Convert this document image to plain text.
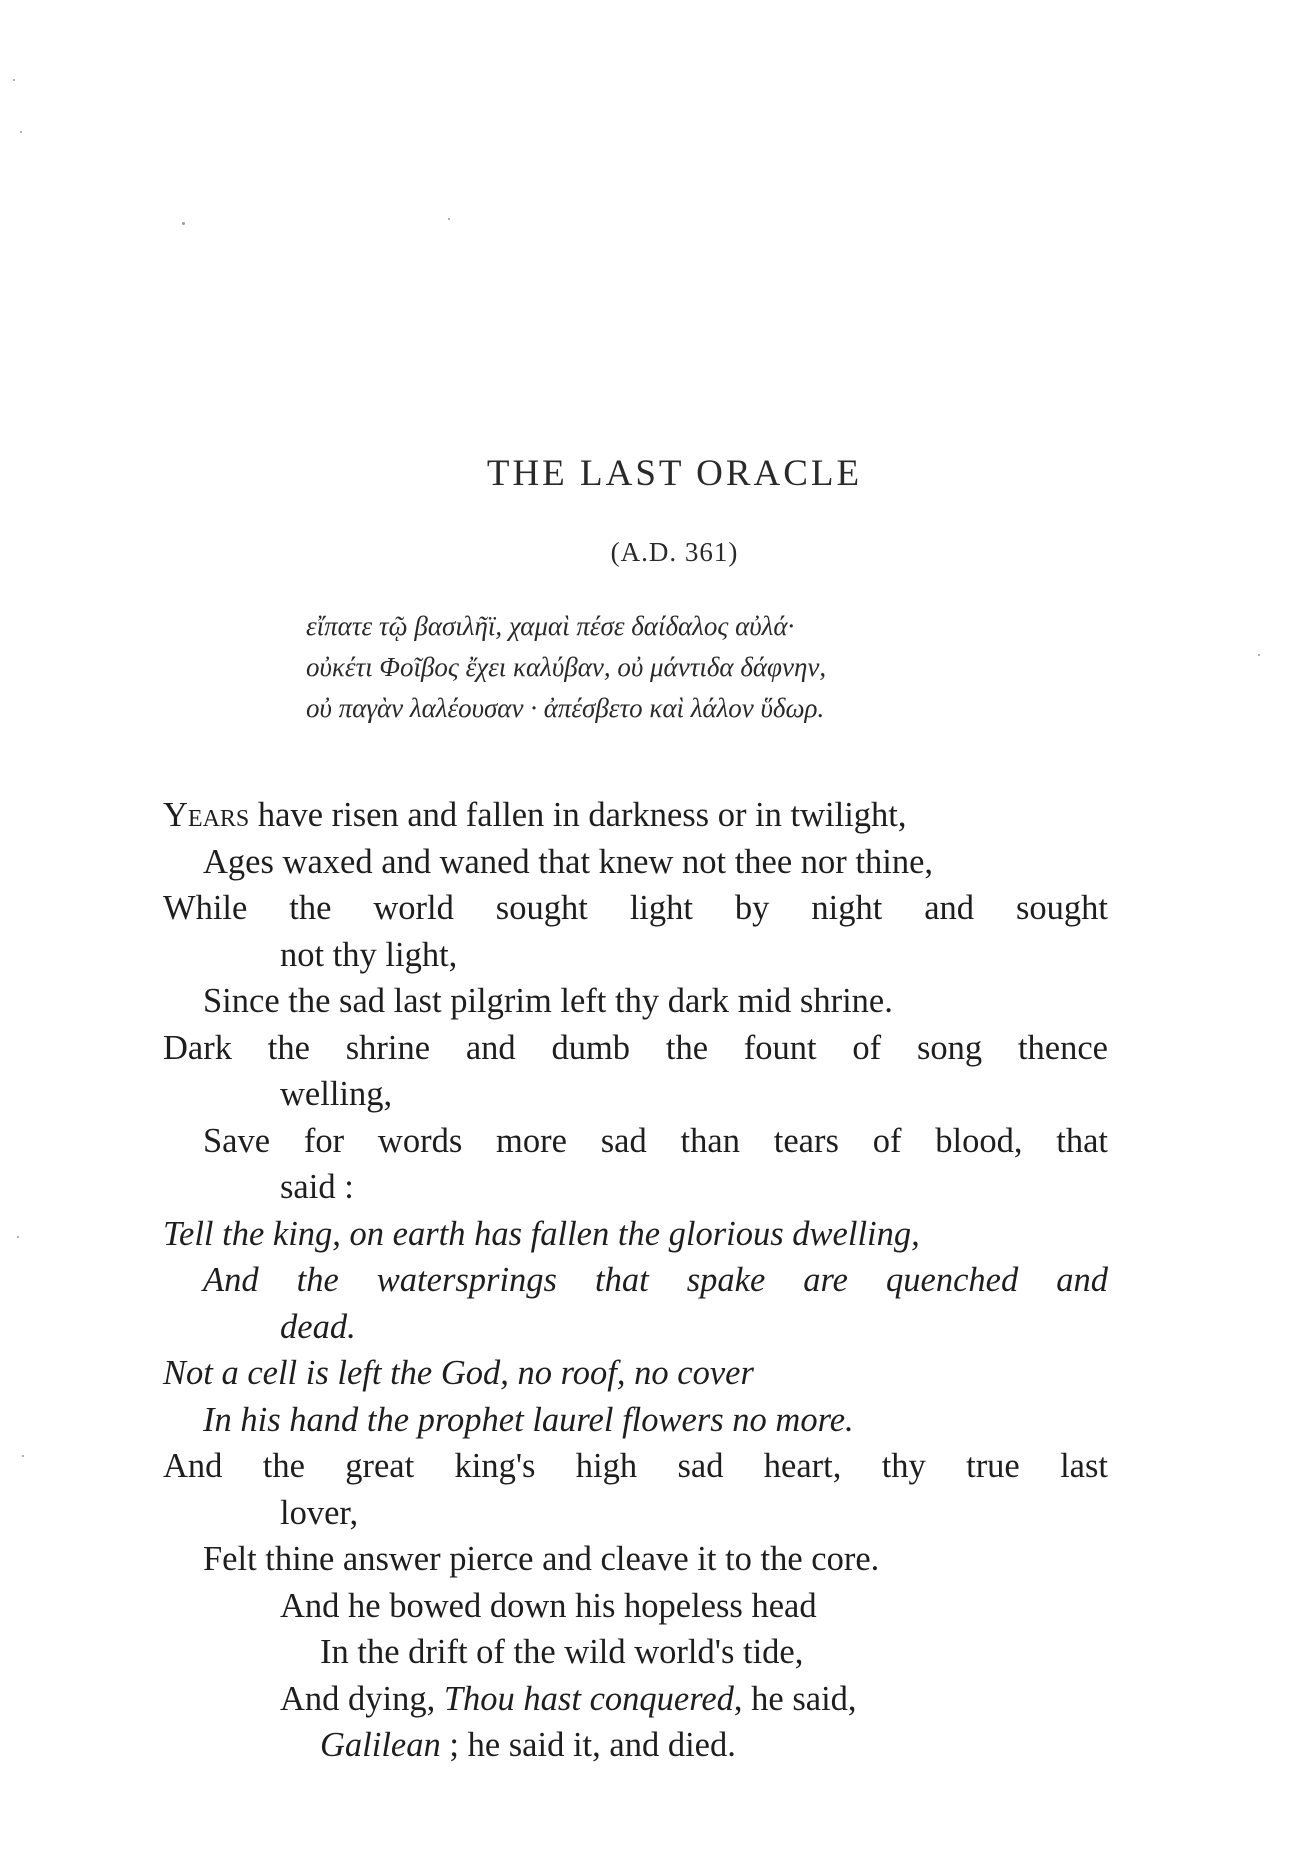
THE LAST ORACLE
(A.D. 361)
εἴπατε τῷ βασιλῆϊ, χαμαὶ πέσε δαίδαλος αὐλά·
οὐκέτι Φοῖβος ἔχει καλύβαν, οὐ μάντιδα δάφνην,
οὐ παγὰν λαλέουσαν · ἀπέσβετο καὶ λάλον ὕδωρ.
Years have risen and fallen in darkness or in twilight,
Ages waxed and waned that knew not thee nor thine,
While the world sought light by night and sought
not thy light,
Since the sad last pilgrim left thy dark mid shrine.
Dark the shrine and dumb the fount of song thence
welling,
Save for words more sad than tears of blood, that
said :
Tell the king, on earth has fallen the glorious dwelling,
And the watersprings that spake are quenched and
dead.
Not a cell is left the God, no roof, no cover
In his hand the prophet laurel flowers no more.
And the great king's high sad heart, thy true last
lover,
Felt thine answer pierce and cleave it to the core.
And he bowed down his hopeless head
In the drift of the wild world's tide,
And dying, Thou hast conquered, he said,
Galilean ; he said it, and died.
